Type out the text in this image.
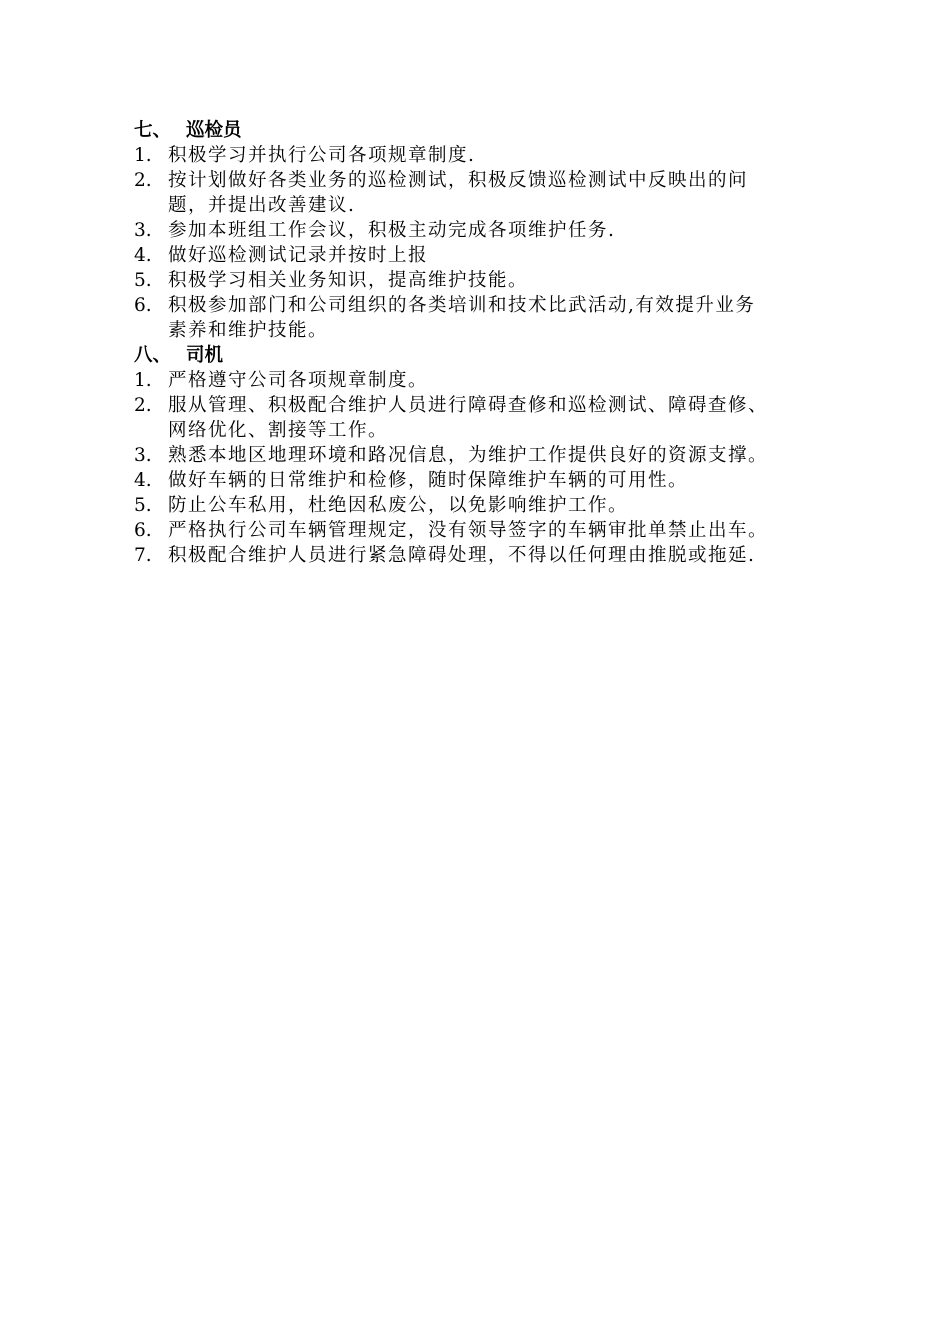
七、 巡检员
1. 积极学习并执行公司各项规章制度.
2. 按计划做好各类业务的巡检测试，积极反馈巡检测试中反映出的问
题，并提出改善建议.
3. 参加本班组工作会议，积极主动完成各项维护任务.
4. 做好巡检测试记录并按时上报
5. 积极学习相关业务知识，提高维护技能。
6. 积极参加部门和公司组织的各类培训和技术比武活动,有效提升业务
素养和维护技能。
八、 司机
1. 严格遵守公司各项规章制度。
2. 服从管理、积极配合维护人员进行障碍查修和巡检测试、障碍查修、
网络优化、割接等工作。
3. 熟悉本地区地理环境和路况信息，为维护工作提供良好的资源支撑。
4. 做好车辆的日常维护和检修，随时保障维护车辆的可用性。
5. 防止公车私用，杜绝因私废公，以免影响维护工作。
6. 严格执行公司车辆管理规定，没有领导签字的车辆审批单禁止出车。
7. 积极配合维护人员进行紧急障碍处理，不得以任何理由推脱或拖延.
